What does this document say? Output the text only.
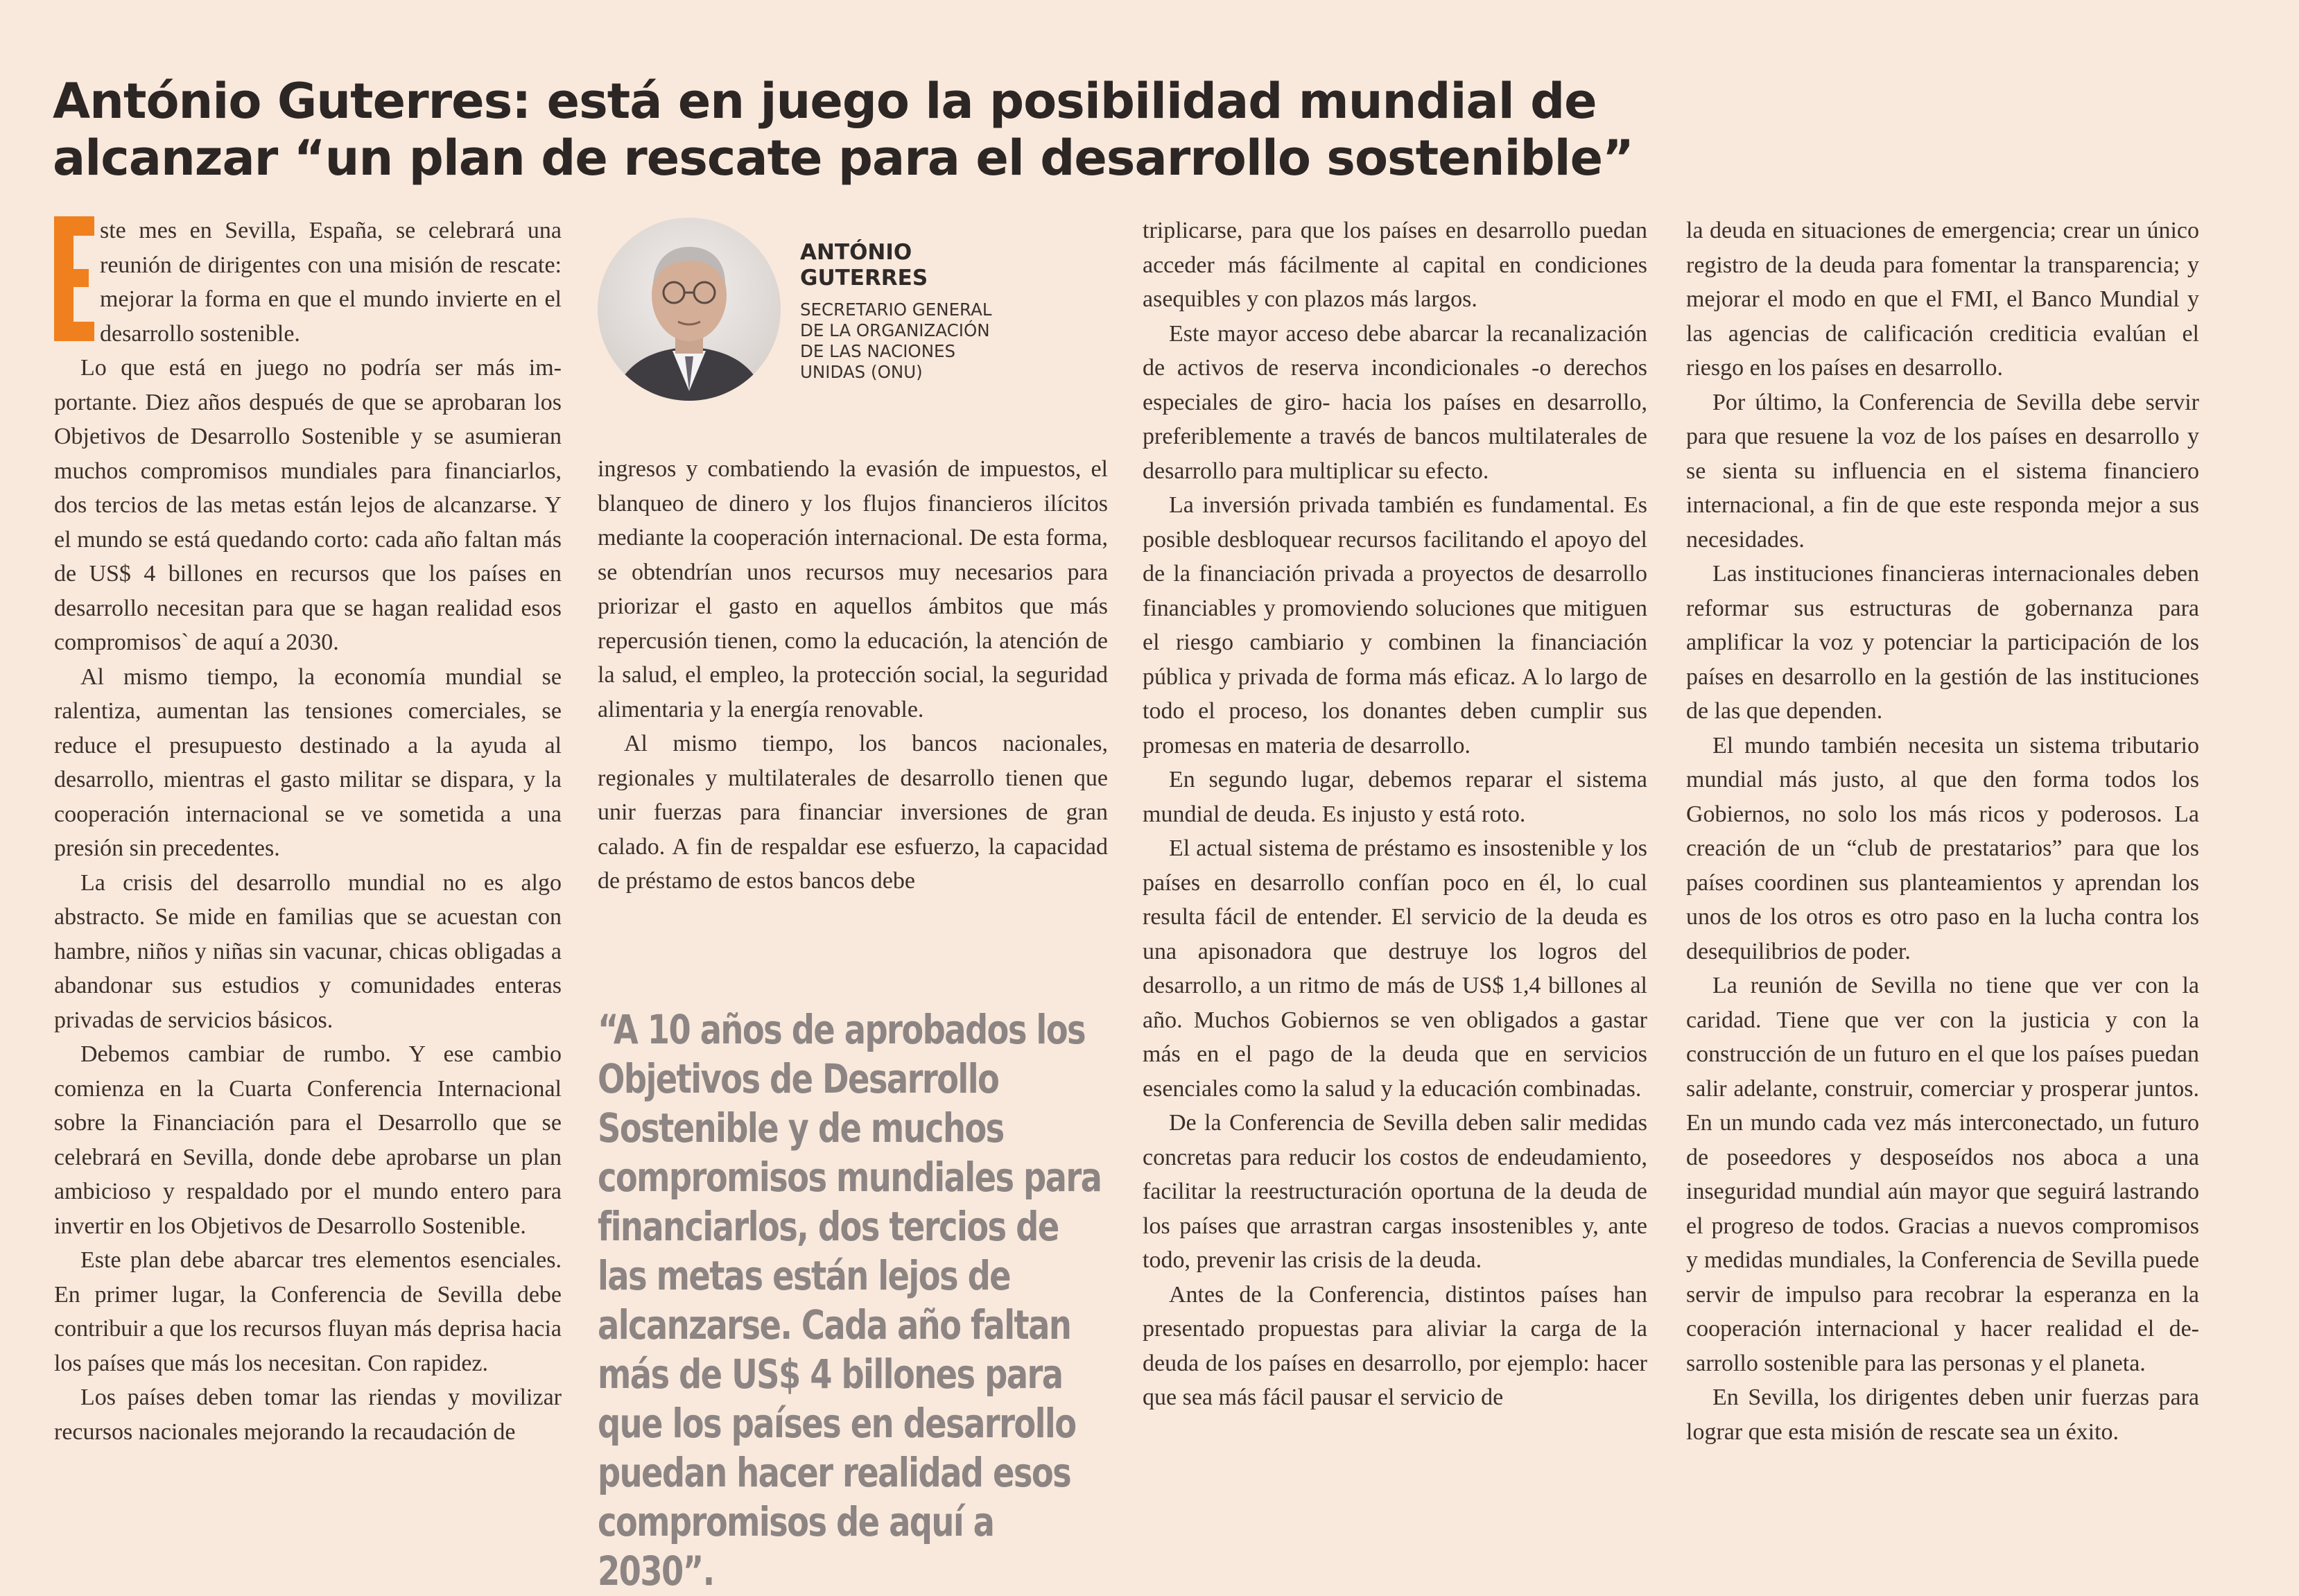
António Guterres: está en juego la posibilidad mundial de
alcanzar “un plan de rescate para el desarrollo sostenible”
E

ste mes en Sevilla, España, se celebrará una reunión de dirigentes con una misión de rescate: mejorar la forma en que el mundo invierte en el desarrollo sostenible.

Lo que está en juego no podría ser más importante. Diez años después de que se aprobaran los Objetivos de Desarrollo Sostenible y se asumieran muchos compromisos mundiales para financiarlos, dos tercios de las metas están lejos de alcanzarse. Y el mundo se está quedando corto: cada año faltan más de US$ 4 billones en recursos que los países en desarrollo necesitan para que se hagan realidad esos compromisos` de aquí a 2030.

Al mismo tiempo, la economía mundial se ralentiza, aumentan las tensiones comerciales, se reduce el presupuesto destinado a la ayuda al desarrollo, mientras el gasto militar se dispara, y la cooperación internacional se ve sometida a una presión sin precedentes.

La crisis del desarrollo mundial no es algo abstracto. Se mide en familias que se acuestan con hambre, niños y niñas sin vacunar, chicas obligadas a abandonar sus estudios y comunidades enteras privadas de servicios básicos.

Debemos cambiar de rumbo. Y ese cambio comienza en la Cuarta Conferencia Internacional sobre la Financiación para el Desarrollo que se celebrará en Sevilla, donde debe aprobarse un plan ambicioso y respaldado por el mundo entero para invertir en los Objetivos de Desarrollo Sostenible.

Este plan debe abarcar tres elementos esenciales. En primer lugar, la Conferencia de Sevilla debe contribuir a que los recursos fluyan más deprisa hacia los países que más los necesitan. Con rapidez.

Los países deben tomar las riendas y movilizar recursos nacionales mejorando la recaudación de

ANTÓNIO
GUTERRES
SECRETARIO GENERAL
DE LA ORGANIZACIÓN
DE LAS NACIONES
UNIDAS (ONU)

ingresos y combatiendo la evasión de impuestos, el blanqueo de dinero y los flujos financieros ilícitos mediante la cooperación internacional. De esta forma, se obtendrían unos recursos muy necesarios para priorizar el gasto en aquellos ámbitos que más repercusión tienen, como la educación, la atención de la salud, el empleo, la protección social, la seguridad alimentaria y la energía renovable.

Al mismo tiempo, los bancos nacionales, regionales y multilaterales de desarrollo tienen que unir fuerzas para financiar inversiones de gran calado. A fin de respaldar ese esfuerzo, la capacidad de préstamo de estos bancos debe

“A 10 años de aprobados los Objetivos de Desarrollo Sostenible y de muchos compromisos mundiales para financiarlos, dos tercios de las metas están lejos de alcanzarse. Cada año faltan más de US$ 4 billones para que los países en desarrollo puedan hacer realidad esos compromisos de aquí a 2030”.

triplicarse, para que los países en desarrollo puedan acceder más fácilmente al capital en condiciones asequibles y con plazos más largos.

Este mayor acceso debe abarcar la recanalización de activos de reserva incondicionales -o derechos especiales de giro- hacia los países en desarrollo, preferiblemente a través de bancos multilaterales de desarrollo para multiplicar su efecto.

La inversión privada también es fundamental. Es posible desbloquear recursos facilitando el apoyo del de la financiación privada a proyectos de desarrollo financiables y promoviendo soluciones que mitiguen el riesgo cambiario y combinen la financiación pública y privada de forma más eficaz. A lo largo de todo el proceso, los donantes deben cumplir sus promesas en materia de desarrollo.

En segundo lugar, debemos reparar el sistema mundial de deuda. Es injusto y está roto.

El actual sistema de préstamo es insostenible y los países en desarrollo confían poco en él, lo cual resulta fácil de entender. El servicio de la deuda es una apisonadora que destruye los logros del desarrollo, a un ritmo de más de US$ 1,4 billones al año. Muchos Gobiernos se ven obligados a gastar más en el pago de la deuda que en servicios esenciales como la salud y la educación combinadas.

De la Conferencia de Sevilla deben salir medidas concretas para reducir los costos de endeudamiento, facilitar la reestructuración oportuna de la deuda de los países que arrastran cargas insostenibles y, ante todo, prevenir las crisis de la deuda.

Antes de la Conferencia, distintos países han presentado propuestas para aliviar la carga de la deuda de los países en desarrollo, por ejemplo: hacer que sea más fácil pausar el servicio de

la deuda en situaciones de emergencia; crear un único registro de la deuda para fomentar la transparencia; y mejorar el modo en que el FMI, el Banco Mundial y las agencias de calificación crediticia evalúan el riesgo en los países en desarrollo.

Por último, la Conferencia de Sevilla debe servir para que resuene la voz de los países en desarrollo y se sienta su influencia en el sistema financiero internacional, a fin de que este responda mejor a sus necesidades.

Las instituciones financieras internacionales deben reformar sus estructuras de gobernanza para amplificar la voz y potenciar la participación de los países en desarrollo en la gestión de las instituciones de las que dependen.

El mundo también necesita un sistema tributario mundial más justo, al que den forma todos los Gobiernos, no solo los más ricos y poderosos. La creación de un “club de prestatarios” para que los países coordinen sus planteamientos y aprendan los unos de los otros es otro paso en la lucha contra los desequilibrios de poder.

La reunión de Sevilla no tiene que ver con la caridad. Tiene que ver con la justicia y con la construcción de un futuro en el que los países puedan salir adelante, construir, comerciar y prosperar juntos. En un mundo cada vez más interconectado, un futuro de poseedores y desposeídos nos aboca a una inseguridad mundial aún mayor que seguirá lastrando el progreso de todos. Gracias a nuevos compromisos y medidas mundiales, la Conferencia de Sevilla puede servir de impulso para recobrar la esperanza en la cooperación internacional y hacer realidad el desarrollo sostenible para las personas y el planeta.

En Sevilla, los dirigentes deben unir fuerzas para lograr que esta misión de rescate sea un éxito.
